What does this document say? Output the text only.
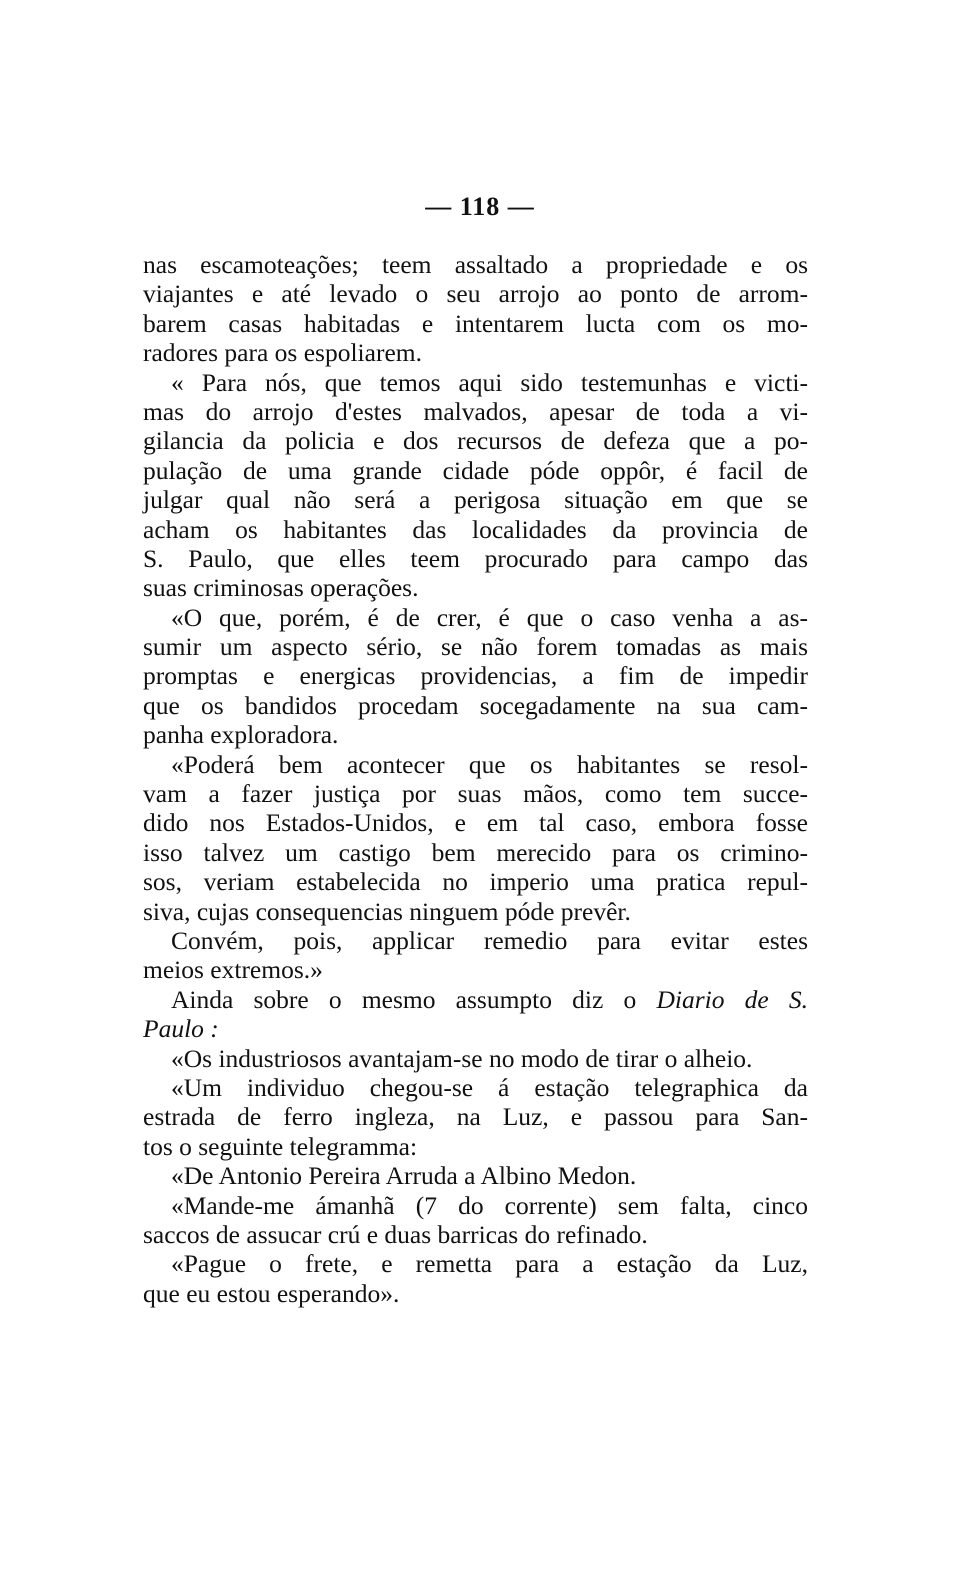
— 118 —
nas escamoteações; teem assaltado a propriedade e os
viajantes e até levado o seu arrojo ao ponto de arrom-
barem casas habitadas e intentarem lucta com os mo-
radores para os espoliarem.
« Para nós, que temos aqui sido testemunhas e victi-
mas do arrojo d'estes malvados, apesar de toda a vi-
gilancia da policia e dos recursos de defeza que a po-
pulação de uma grande cidade póde oppôr, é facil de
julgar qual não será a perigosa situação em que se
acham os habitantes das localidades da provincia de
S. Paulo, que elles teem procurado para campo das
suas criminosas operações.
«O que, porém, é de crer, é que o caso venha a as-
sumir um aspecto sério, se não forem tomadas as mais
promptas e energicas providencias, a fim de impedir
que os bandidos procedam socegadamente na sua cam-
panha exploradora.
«Poderá bem acontecer que os habitantes se resol-
vam a fazer justiça por suas mãos, como tem succe-
dido nos Estados-Unidos, e em tal caso, embora fosse
isso talvez um castigo bem merecido para os crimino-
sos, veriam estabelecida no imperio uma pratica repul-
siva, cujas consequencias ninguem póde prevêr.
Convém, pois, applicar remedio para evitar estes
meios extremos.»
Ainda sobre o mesmo assumpto diz o Diario de S.
Paulo :
«Os industriosos avantajam-se no modo de tirar o alheio.
«Um individuo chegou-se á estação telegraphica da
estrada de ferro ingleza, na Luz, e passou para San-
tos o seguinte telegramma:
«De Antonio Pereira Arruda a Albino Medon.
«Mande-me ámanhã (7 do corrente) sem falta, cinco
saccos de assucar crú e duas barricas do refinado.
«Pague o frete, e remetta para a estação da Luz,
que eu estou esperando».
